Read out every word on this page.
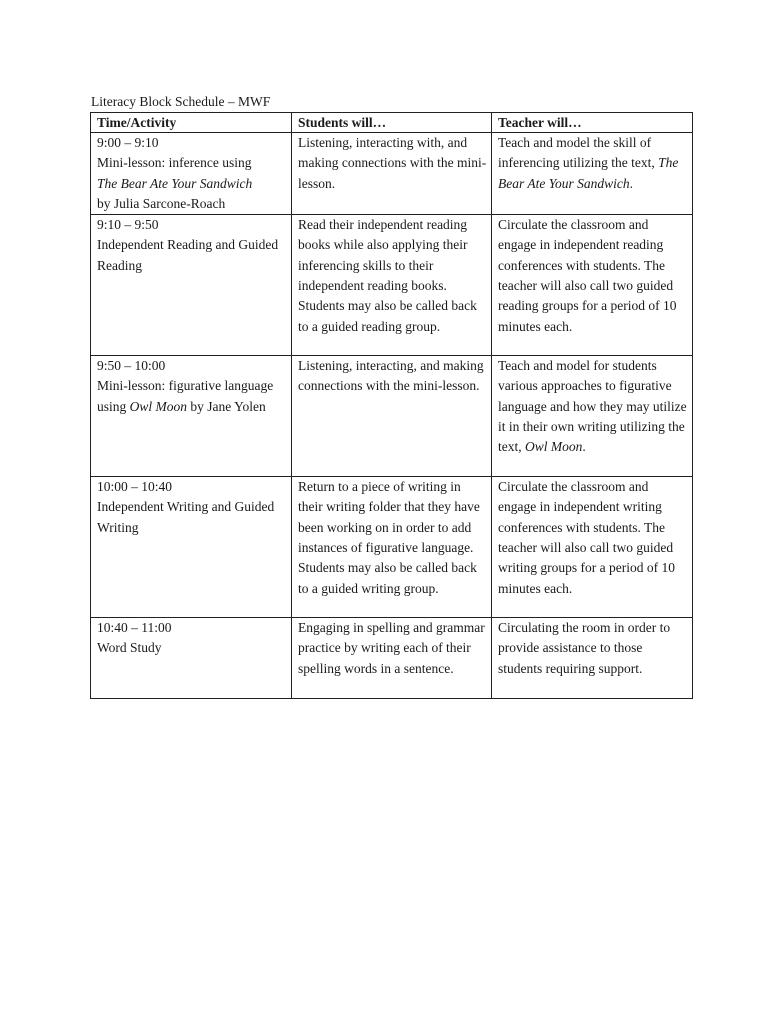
Literacy Block Schedule – MWF
Time/Activity	Students will…	Teacher will…

9:00 – 9:10
Mini-lesson: inference using
The Bear Ate Your Sandwich
by Julia Sarcone-Roach	Listening, interacting with, and making connections with the mini-lesson.	Teach and model the skill of inferencing utilizing the text, The Bear Ate Your Sandwich.

9:10 – 9:50
Independent Reading and Guided Reading	Read their independent reading books while also applying their inferencing skills to their independent reading books. Students may also be called back to a guided reading group.	Circulate the classroom and engage in independent reading conferences with students. The teacher will also call two guided reading groups for a period of 10 minutes each.

9:50 – 10:00
Mini-lesson: figurative language using Owl Moon by Jane Yolen	Listening, interacting, and making connections with the mini-lesson.	Teach and model for students various approaches to figurative language and how they may utilize it in their own writing utilizing the text, Owl Moon.

10:00 – 10:40
Independent Writing and Guided Writing	Return to a piece of writing in their writing folder that they have been working on in order to add instances of figurative language. Students may also be called back to a guided writing group.	Circulate the classroom and engage in independent writing conferences with students. The teacher will also call two guided writing groups for a period of 10 minutes each.

10:40 – 11:00
Word Study	Engaging in spelling and grammar practice by writing each of their spelling words in a sentence.	Circulating the room in order to provide assistance to those students requiring support.
